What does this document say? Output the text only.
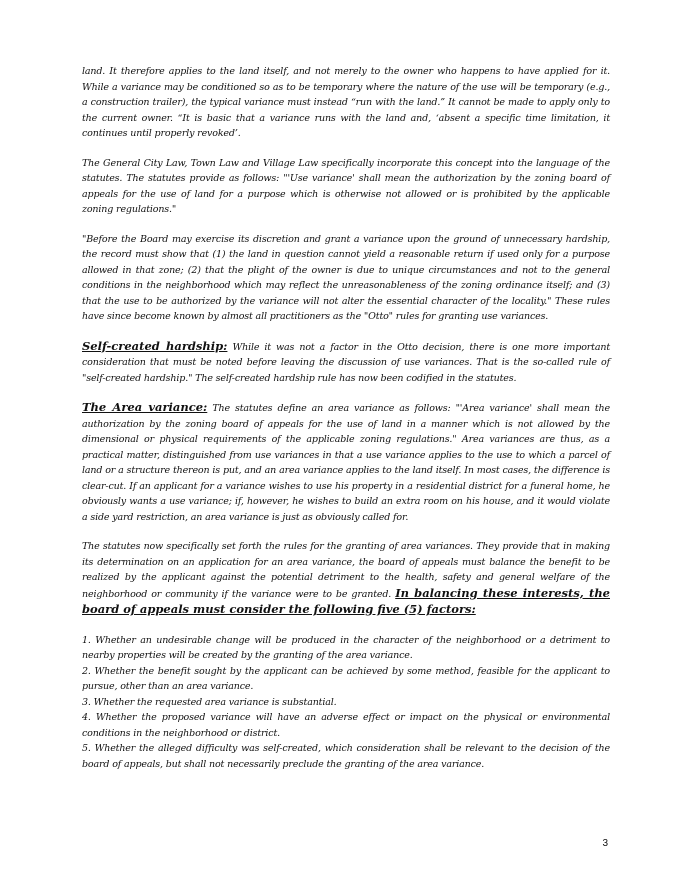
land. It therefore applies to the land itself, and not merely to the owner who happens to have applied for it. While a variance may be conditioned so as to be temporary where the nature of the use will be temporary (e.g., a construction trailer), the typical variance must instead “run with the land.” It cannot be made to apply only to the current owner. “It is basic that a variance runs with the land and, ‘absent a specific time limitation, it continues until properly revoked’.

The General City Law, Town Law and Village Law specifically incorporate this concept into the language of the statutes. The statutes provide as follows: "'Use variance' shall mean the authorization by the zoning board of appeals for the use of land for a purpose which is otherwise not allowed or is prohibited by the applicable zoning regulations."

"Before the Board may exercise its discretion and grant a variance upon the ground of unnecessary hardship, the record must show that (1) the land in question cannot yield a reasonable return if used only for a purpose allowed in that zone; (2) that the plight of the owner is due to unique circumstances and not to the general conditions in the neighborhood which may reflect the unreasonableness of the zoning ordinance itself; and (3) that the use to be authorized by the variance will not alter the essential character of the locality." These rules have since become known by almost all practitioners as the "Otto" rules for granting use variances.

Self-created hardship: While it was not a factor in the Otto decision, there is one more important consideration that must be noted before leaving the discussion of use variances. That is the so-called rule of "self-created hardship." The self-created hardship rule has now been codified in the statutes.

The Area variance: The statutes define an area variance as follows: "'Area variance' shall mean the authorization by the zoning board of appeals for the use of land in a manner which is not allowed by the dimensional or physical requirements of the applicable zoning regulations." Area variances are thus, as a practical matter, distinguished from use variances in that a use variance applies to the use to which a parcel of land or a structure thereon is put, and an area variance applies to the land itself. In most cases, the difference is clear-cut. If an applicant for a variance wishes to use his property in a residential district for a funeral home, he obviously wants a use variance; if, however, he wishes to build an extra room on his house, and it would violate a side yard restriction, an area variance is just as obviously called for.

The statutes now specifically set forth the rules for the granting of area variances. They provide that in making its determination on an application for an area variance, the board of appeals must balance the benefit to be realized by the applicant against the potential detriment to the health, safety and general welfare of the neighborhood or community if the variance were to be granted. In balancing these interests, the board of appeals must consider the following five (5) factors:

1. Whether an undesirable change will be produced in the character of the neighborhood or a detriment to nearby properties will be created by the granting of the area variance.
2. Whether the benefit sought by the applicant can be achieved by some method, feasible for the applicant to pursue, other than an area variance.
3. Whether the requested area variance is substantial.
4. Whether the proposed variance will have an adverse effect or impact on the physical or environmental conditions in the neighborhood or district.
5. Whether the alleged difficulty was self-created, which consideration shall be relevant to the decision of the board of appeals, but shall not necessarily preclude the granting of the area variance.
3
